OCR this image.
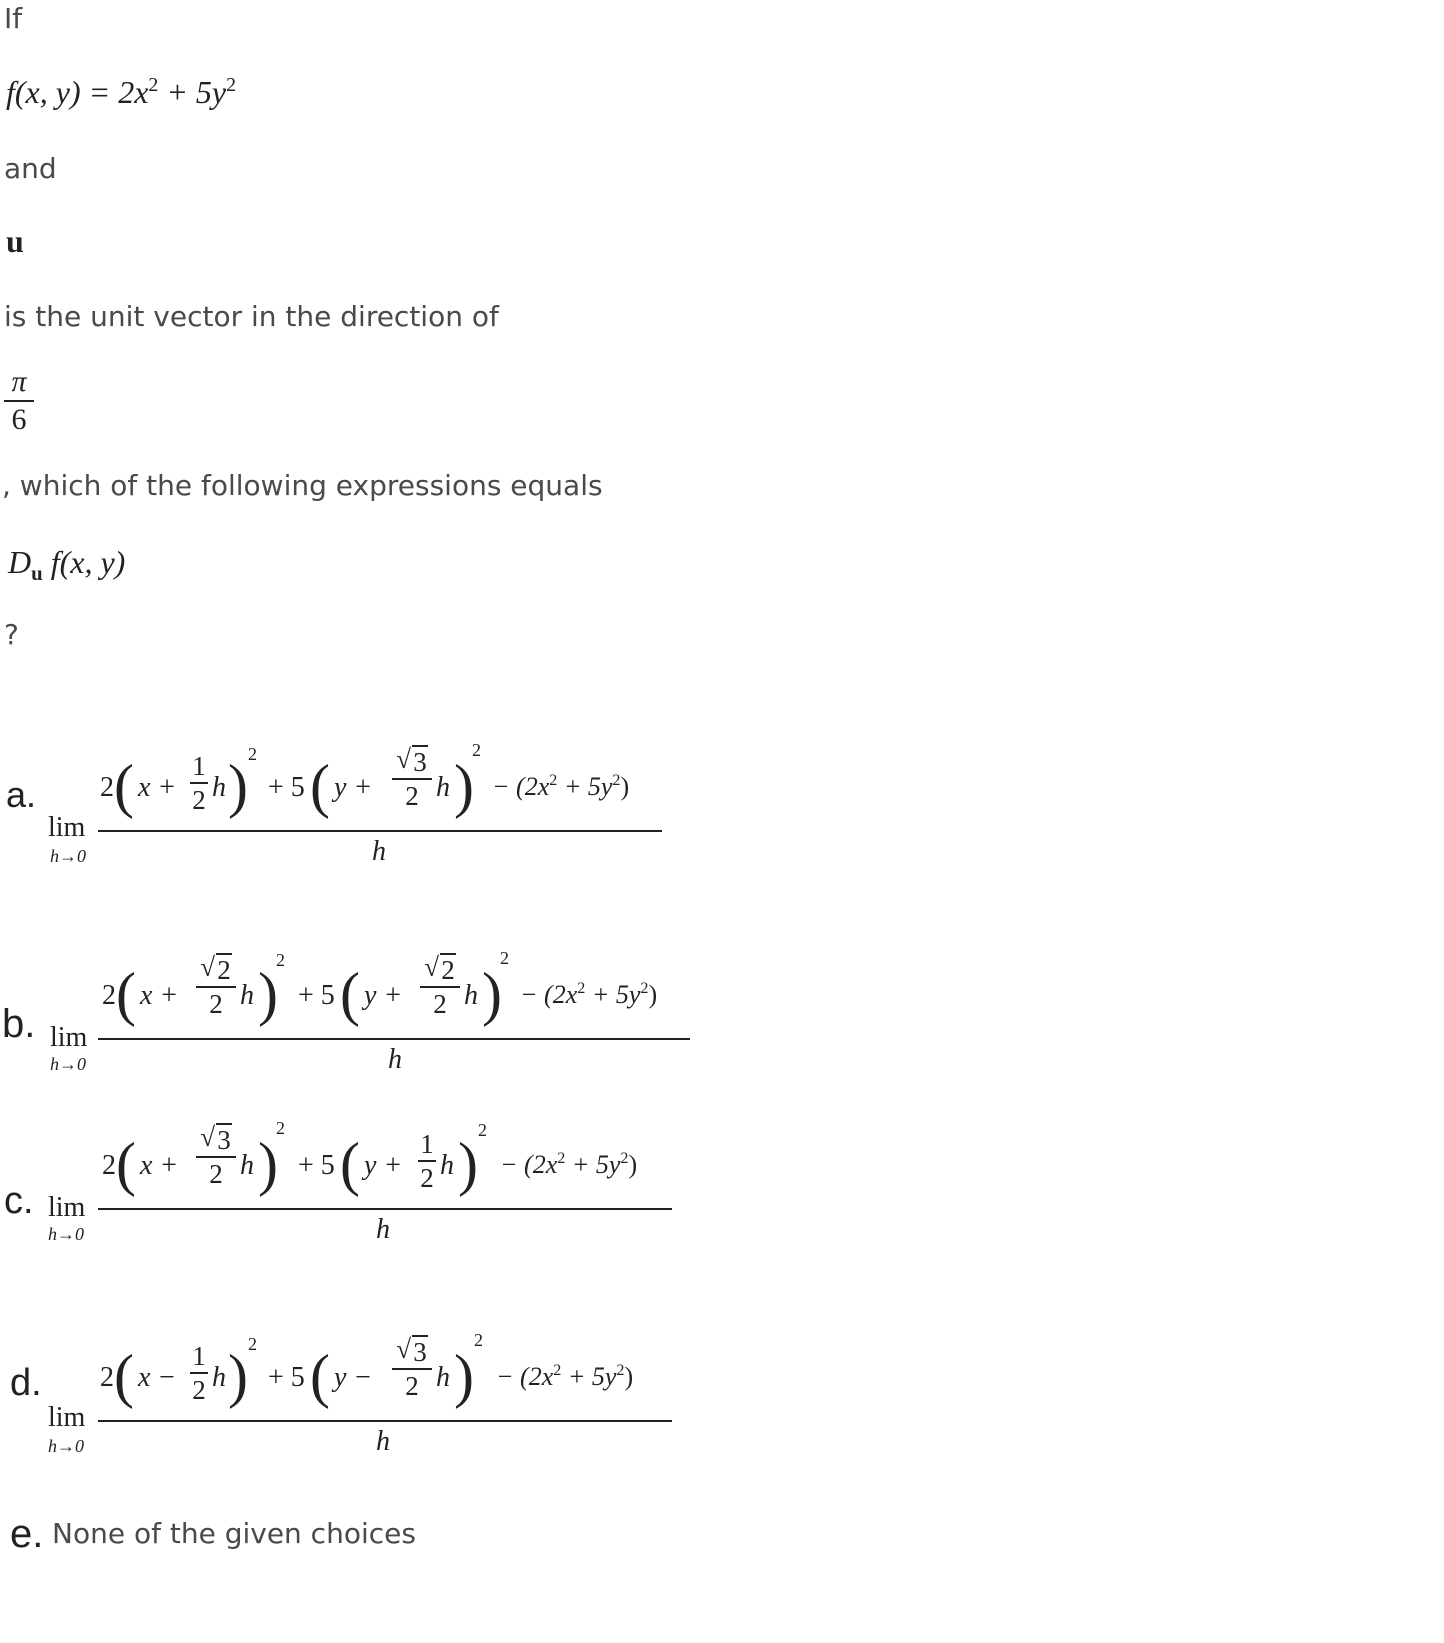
If
f(x, $y) = 2x^2 + 5y^2$
and
u
is the unit vector in the direction of
π
6
, which of the following expressions equals
$D_u$ f(x, y)
?
a.
lim
h→0	h
2 ( x +
1
2 h ) 2
+ 5 ( y +
√ 3
2 h )
2
− $(2x^2 + 5y^2)$
b. lim
h→0	h
2 ( x +
√ 2
2 h )
2
+ 5 ( y +
√ 2
2 h )
2
− $(2x^2 + 5y^2)$
c. lim
h→0	h
2 ( x +
√ 3
2 h )
2
+ 5 ( y +
1
2 h )
2
− $(2x^2 + 5y^2)$
d.
lim
h→0	h
2 ( x −
1
2 h ) 2
+ 5 ( y −
√ 3
2 h )
2
− $(2x^2 + 5y^2)$
e. None of the given choices
